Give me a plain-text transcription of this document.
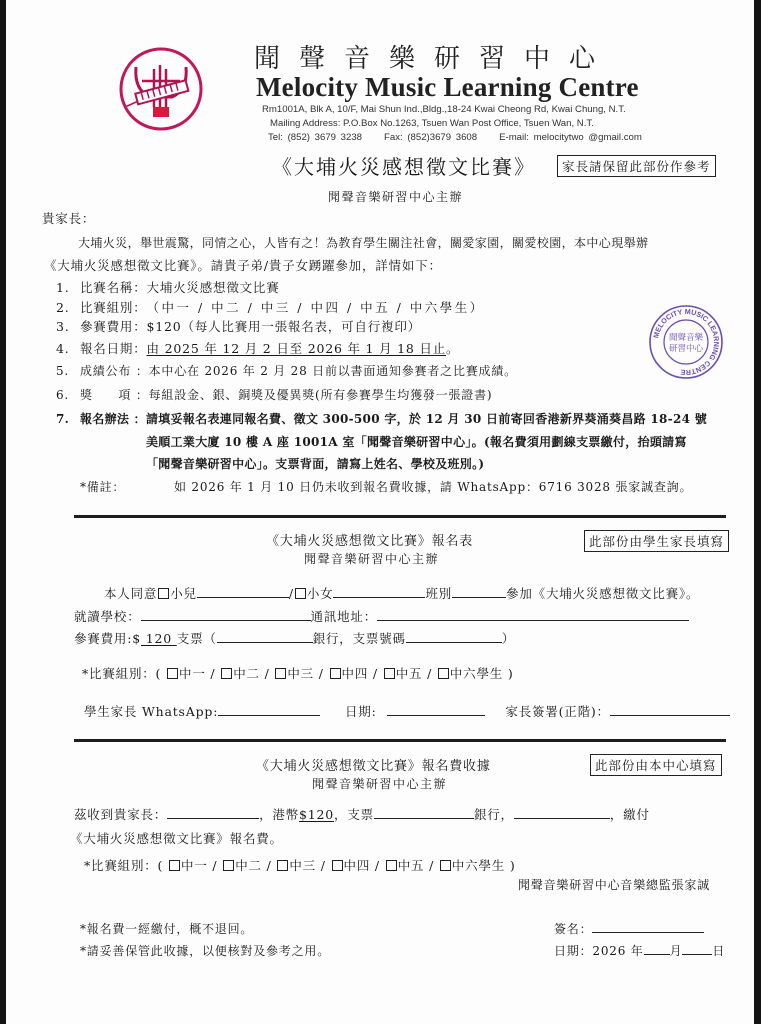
聞聲音樂研習中心
Melocity Music Learning Centre
Rm1001A, Blk A, 10/F, Mai Shun Ind.,Bldg.,18-24 Kwai Cheong Rd, Kwai Chung, N.T.
Mailing Address: P.O.Box No.1263, Tsuen Wan Post Office, Tsuen Wan, N.T.
Tel: (852) 3679 3238 Fax: (852)3679 3608 E-mail: melocitytwo @gmail.com
《大埔火災感想徵文比賽》	家長請保留此部份作參考
聞聲音樂研習中心主辦
貴家長：
大埔火災，舉世震驚，同情之心，人皆有之！為教育學生關注社會，關愛家園，關愛校園，本中心現舉辦
《大埔火災感想徵文比賽》。請貴子弟/貴子女踴躍參加，詳情如下：
1. 比賽名稱：大埔火災感想徵文比賽
2. 比賽組別：（中一 / 中二 / 中三 / 中四 / 中五 / 中六學生）
3. 參賽費用：$120（每人比賽用一張報名表，可自行複印）
4. 報名日期：由 2025 年 12 月 2 日至 2026 年 1 月 18 日止。
5. 成績公布 ：本中心在 2026 年 2 月 28 日前以書面通知參賽者之比賽成績。
6. 獎　　項 ：每組設金、銀、銅獎及優異獎(所有參賽學生均獲發一張證書)
7. 報名辦法 ：請填妥報名表連同報名費、徵文 300-500 字，於 12 月 30 日前寄回香港新界葵涌葵昌路 18-24 號
美順工業大廈 10 樓 A 座 1001A 室「聞聲音樂研習中心」。(報名費須用劃線支票繳付，抬頭請寫
「聞聲音樂研習中心」。支票背面，請寫上姓名、學校及班別。)
*備註：	如 2026 年 1 月 10 日仍未收到報名費收據，請 WhatsApp：6716 3028 張家誠查詢。
MELOCITY MUSIC LEARNING CENTRE
聞聲音樂
研習中心
《大埔火災感想徵文比賽》報名表	此部份由學生家長填寫
聞聲音樂研習中心主辦
本人同意 小兒	/ 小女	班別	參加《大埔火災感想徵文比賽》。
就讀學校：	通訊地址：
參賽費用:$ 120 支票（	銀行，支票號碼	）
*比賽組別：( 中一 / 中二 / 中三 / 中四 / 中五 / 中六學生 )
學生家長 WhatsApp:	日期:	家長簽署(正階)：
《大埔火災感想徵文比賽》報名費收據	此部份由本中心填寫
聞聲音樂研習中心主辦
茲收到貴家長：	，港幣$120，支票	銀行，	，繳付
《大埔火災感想徵文比賽》報名費。
*比賽組別：( 中一 / 中二 / 中三 / 中四 / 中五 / 中六學生 )
聞聲音樂研習中心音樂總監張家誠
*報名費一經繳付，概不退回。
*請妥善保管此收據，以便核對及參考之用。
簽名：
日期：2026 年 月	日
